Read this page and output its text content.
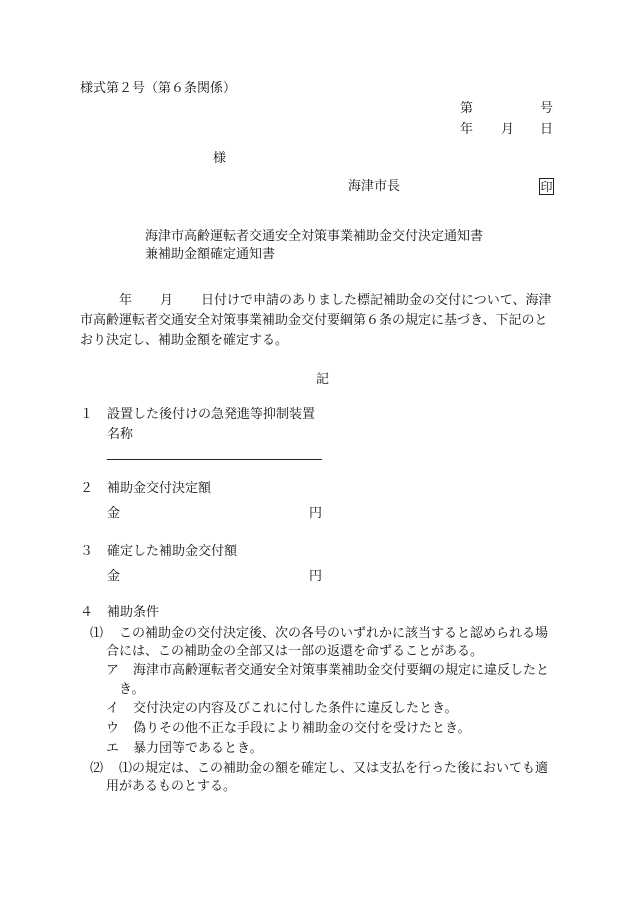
様式第２号（第６条関係）
第	号
年 月 日
様
海津市長	印
海津市高齢運転者交通安全対策事業補助金交付決定通知書
兼補助金額確定通知書
年 月 日付けで申請のありました標記補助金の交付について、海津
市高齢運転者交通安全対策事業補助金交付要綱第６条の規定に基づき、下記のと
おり決定し、補助金額を確定する。
記
１ 設置した後付けの急発進等抑制装置
名称
２ 補助金交付決定額
金	円
３ 確定した補助金交付額
金	円
４ 補助条件
⑴ この補助金の交付決定後、次の各号のいずれかに該当すると認められる場
合には、この補助金の全部又は一部の返還を命ずることがある。
ア 海津市高齢運転者交通安全対策事業補助金交付要綱の規定に違反したと
き。
イ 交付決定の内容及びこれに付した条件に違反したとき。
ウ 偽りその他不正な手段により補助金の交付を受けたとき。
エ 暴力団等であるとき。
⑵ ⑴の規定は、この補助金の額を確定し、又は支払を行った後においても適
用があるものとする。
